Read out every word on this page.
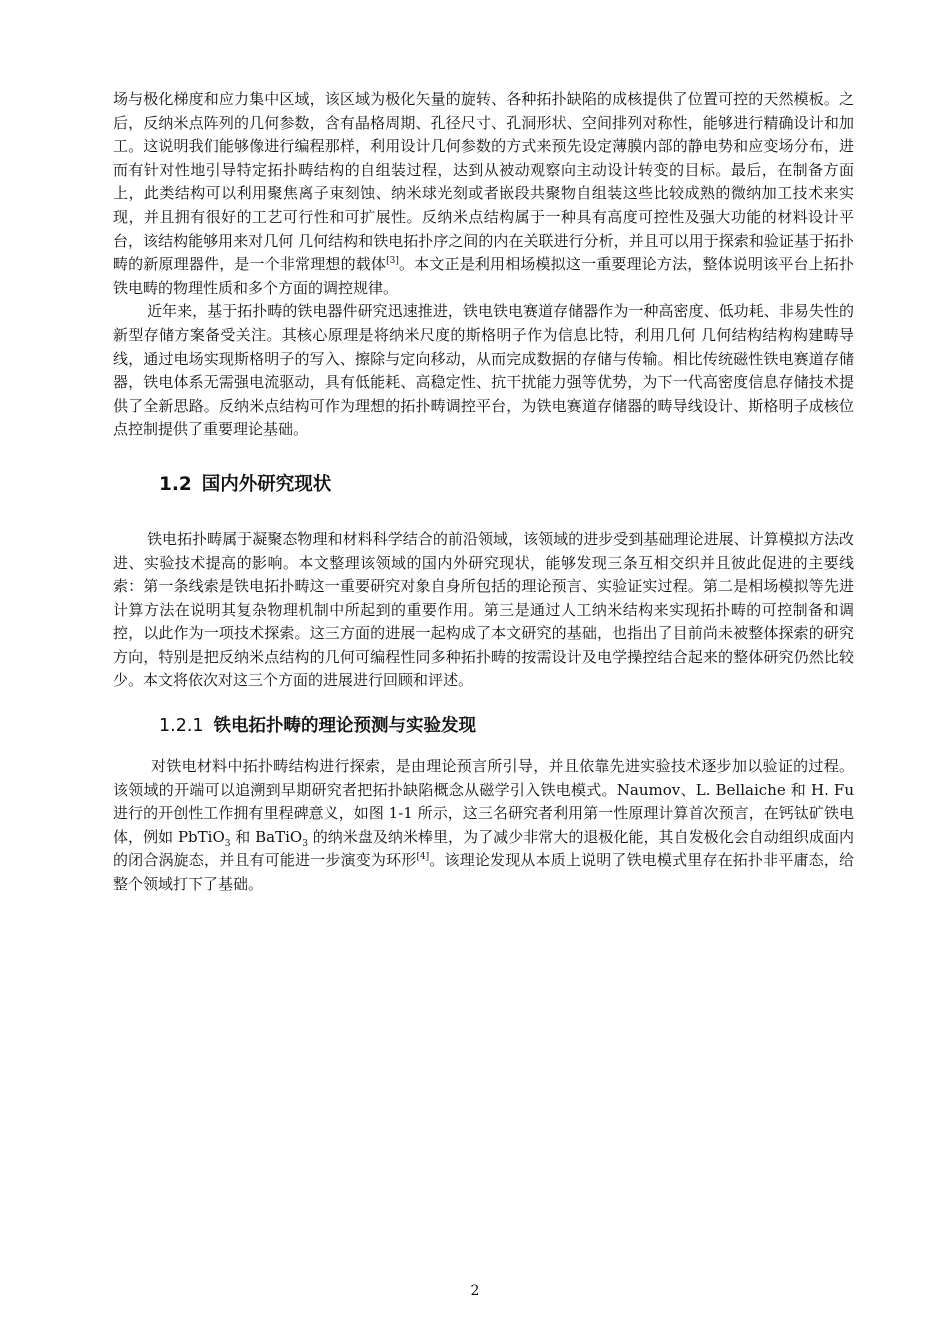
场与极化梯度和应力集中区域，该区域为极化矢量的旋转、各种拓扑缺陷的成核提供了位置可控的天然模板。之后，反纳米点阵列的几何参数，含有晶格周期、孔径尺寸、孔洞形状、空间排列对称性，能够进行精确设计和加工。这说明我们能够像进行编程那样，利用设计几何参数的方式来预先设定薄膜内部的静电势和应变场分布，进而有针对性地引导特定拓扑畴结构的自组装过程，达到从被动观察向主动设计转变的目标。最后，在制备方面上，此类结构可以利用聚焦离子束刻蚀、纳米球光刻或者嵌段共聚物自组装这些比较成熟的微纳加工技术来实现，并且拥有很好的工艺可行性和可扩展性。反纳米点结构属于一种具有高度可控性及强大功能的材料设计平台，该结构能够用来对几何 几何结构和铁电拓扑序之间的内在关联进行分析，并且可以用于探索和验证基于拓扑畴的新原理器件，是一个非常理想的载体[3]。本文正是利用相场模拟这一重要理论方法，整体说明该平台上拓扑铁电畴的物理性质和多个方面的调控规律。

近年来，基于拓扑畴的铁电器件研究迅速推进，铁电铁电赛道存储器作为一种高密度、低功耗、非易失性的新型存储方案备受关注。其核心原理是将纳米尺度的斯格明子作为信息比特，利用几何 几何结构结构构建畴导线，通过电场实现斯格明子的写入、擦除与定向移动，从而完成数据的存储与传输。相比传统磁性铁电赛道存储器，铁电体系无需强电流驱动，具有低能耗、高稳定性、抗干扰能力强等优势，为下一代高密度信息存储技术提供了全新思路。反纳米点结构可作为理想的拓扑畴调控平台，为铁电赛道存储器的畴导线设计、斯格明子成核位点控制提供了重要理论基础。

1.2 国内外研究现状

铁电拓扑畴属于凝聚态物理和材料科学结合的前沿领域，该领域的进步受到基础理论进展、计算模拟方法改进、实验技术提高的影响。本文整理该领域的国内外研究现状，能够发现三条互相交织并且彼此促进的主要线索：第一条线索是铁电拓扑畴这一重要研究对象自身所包括的理论预言、实验证实过程。第二是相场模拟等先进计算方法在说明其复杂物理机制中所起到的重要作用。第三是通过人工纳米结构来实现拓扑畴的可控制备和调控，以此作为一项技术探索。这三方面的进展一起构成了本文研究的基础，也指出了目前尚未被整体探索的研究方向，特别是把反纳米点结构的几何可编程性同多种拓扑畴的按需设计及电学操控结合起来的整体研究仍然比较少。本文将依次对这三个方面的进展进行回顾和评述。

1.2.1 铁电拓扑畴的理论预测与实验发现

对铁电材料中拓扑畴结构进行探索，是由理论预言所引导，并且依靠先进实验技术逐步加以验证的过程。该领域的开端可以追溯到早期研究者把拓扑缺陷概念从磁学引入铁电模式。Naumov、L. Bellaiche 和 H. Fu 进行的开创性工作拥有里程碑意义，如图 1-1 所示，这三名研究者利用第一性原理计算首次预言，在钙钛矿铁电体，例如 PbTiO$_3$ 和 BaTiO$_3$ 的纳米盘及纳米棒里，为了减少非常大的退极化能，其自发极化会自动组织成面内的闭合涡旋态，并且有可能进一步演变为环形[4]。该理论发现从本质上说明了铁电模式里存在拓扑非平庸态，给整个领域打下了基础。

2
